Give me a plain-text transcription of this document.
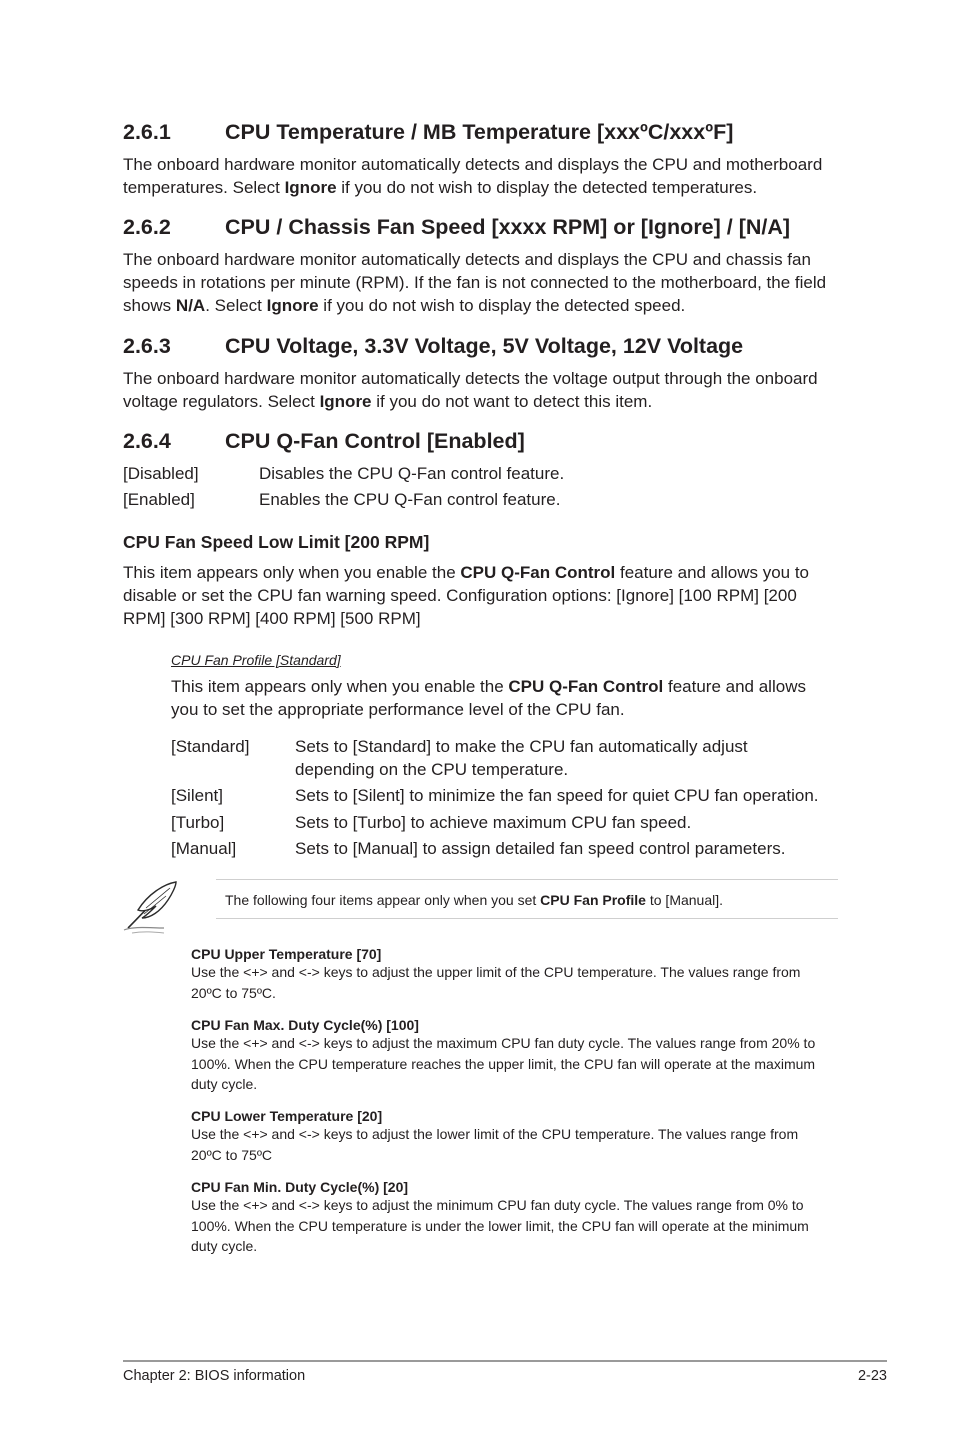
2.6.1	CPU Temperature / MB Temperature [xxxºC/xxxºF]

The onboard hardware monitor automatically detects and displays the CPU and motherboard temperatures. Select Ignore if you do not wish to display the detected temperatures.

2.6.2	CPU / Chassis Fan Speed [xxxx RPM] or [Ignore] / [N/A]

The onboard hardware monitor automatically detects and displays the CPU and chassis fan speeds in rotations per minute (RPM). If the fan is not connected to the motherboard, the field shows N/A. Select Ignore if you do not wish to display the detected speed.

2.6.3	CPU Voltage, 3.3V Voltage, 5V Voltage, 12V Voltage

The onboard hardware monitor automatically detects the voltage output through the onboard voltage regulators. Select Ignore if you do not want to detect this item.

2.6.4	CPU Q-Fan Control [Enabled]
[Disabled]	Disables the CPU Q-Fan control feature.
[Enabled]	Enables the CPU Q-Fan control feature.
CPU Fan Speed Low Limit [200 RPM]

This item appears only when you enable the CPU Q-Fan Control feature and allows you to disable or set the CPU fan warning speed. Configuration options: [Ignore] [100 RPM] [200 RPM] [300 RPM] [400 RPM] [500 RPM]

CPU Fan Profile [Standard]

This item appears only when you enable the CPU Q-Fan Control feature and allows you to set the appropriate performance level of the CPU fan.

[Standard]	Sets to [Standard] to make the CPU fan automatically adjust depending on the CPU temperature.
[Silent]	Sets to [Silent] to minimize the fan speed for quiet CPU fan operation.
[Turbo]	Sets to [Turbo] to achieve maximum CPU fan speed.
[Manual]	Sets to [Manual] to assign detailed fan speed control parameters.
The following four items appear only when you set CPU Fan Profile to [Manual].
CPU Upper Temperature [70]
Use the <+> and <-> keys to adjust the upper limit of the CPU temperature. The values range from 20ºC to 75ºC.
CPU Fan Max. Duty Cycle(%) [100]
Use the <+> and <-> keys to adjust the maximum CPU fan duty cycle. The values range from 20% to 100%. When the CPU temperature reaches the upper limit, the CPU fan will operate at the maximum duty cycle.
CPU Lower Temperature [20]
Use the <+> and <-> keys to adjust the lower limit of the CPU temperature. The values range from 20ºC to 75ºC
CPU Fan Min. Duty Cycle(%) [20]
Use the <+> and <-> keys to adjust the minimum CPU fan duty cycle. The values range from 0% to 100%. When the CPU temperature is under the lower limit, the CPU fan will operate at the minimum duty cycle.
Chapter 2: BIOS information	2-23
